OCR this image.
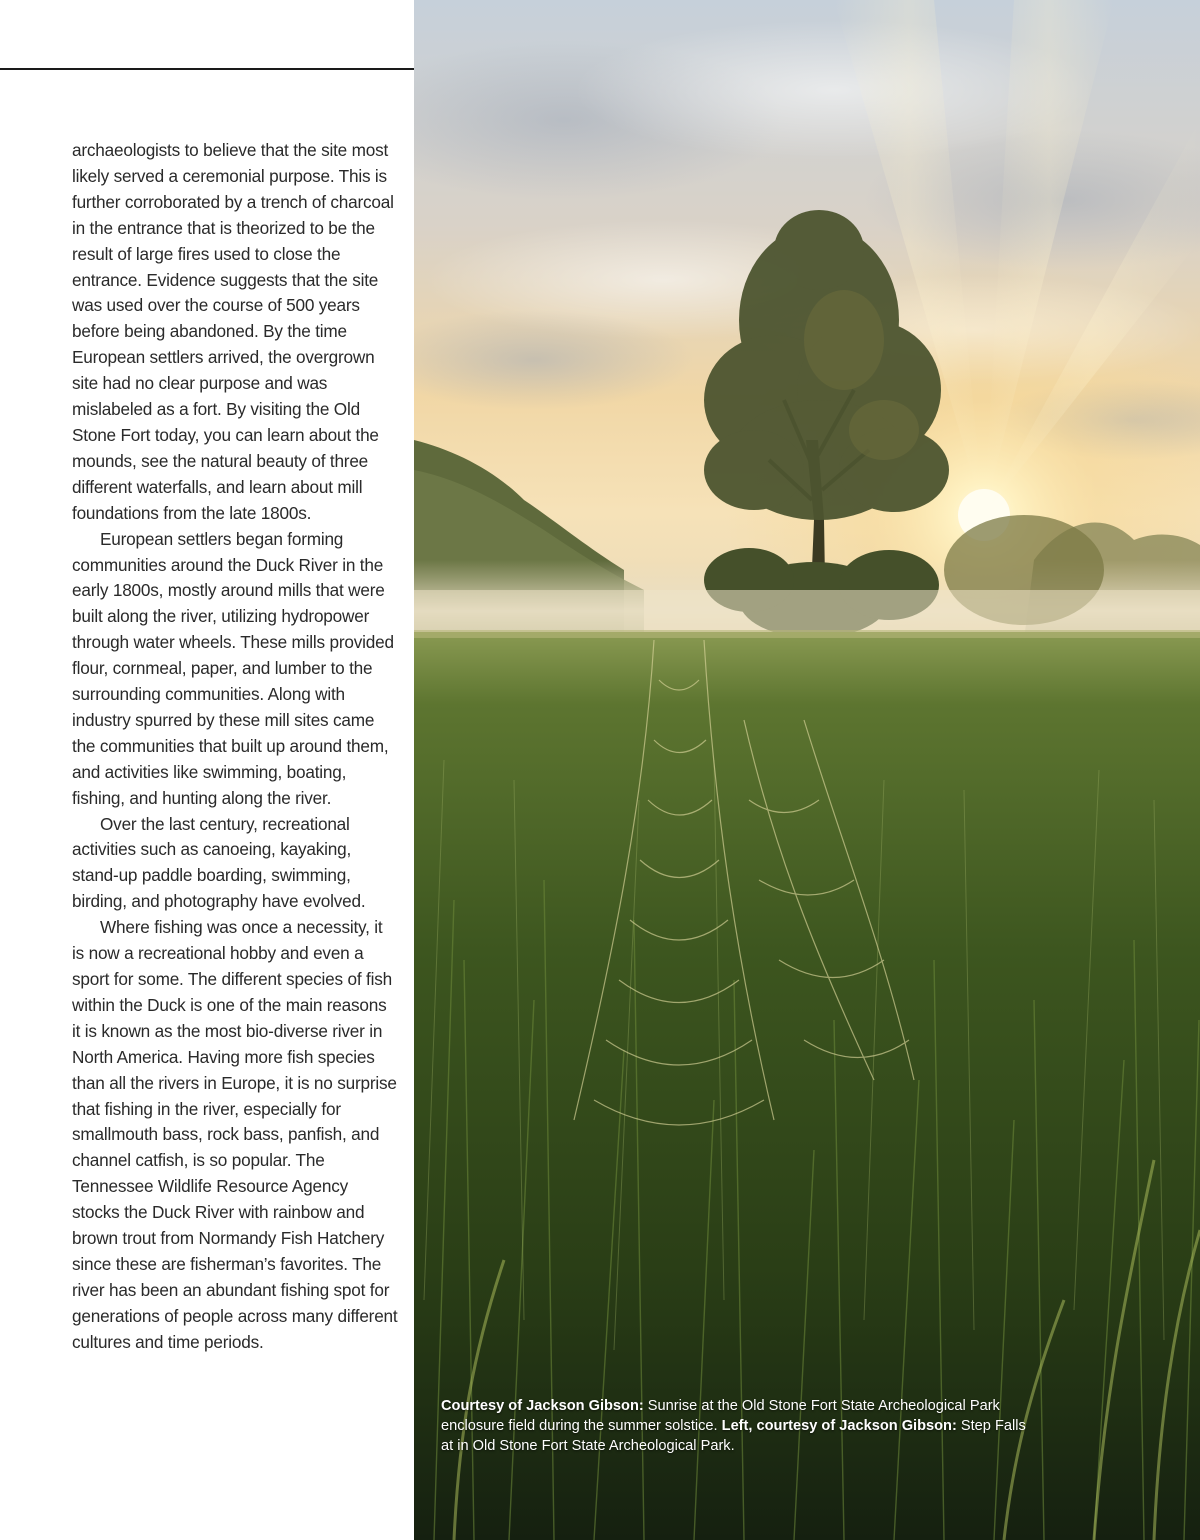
archaeologists to believe that the site most likely served a ceremonial purpose. This is further corroborated by a trench of charcoal in the entrance that is theorized to be the result of large fires used to close the entrance. Evidence suggests that the site was used over the course of 500 years before being abandoned. By the time European settlers arrived, the overgrown site had no clear purpose and was mislabeled as a fort. By visiting the Old Stone Fort today, you can learn about the mounds, see the natural beauty of three different waterfalls, and learn about mill foundations from the late 1800s.

European settlers began forming communities around the Duck River in the early 1800s, mostly around mills that were built along the river, utilizing hydropower through water wheels. These mills provided flour, cornmeal, paper, and lumber to the surrounding communities. Along with industry spurred by these mill sites came the communities that built up around them, and activities like swimming, boating, fishing, and hunting along the river.

Over the last century, recreational activities such as canoeing, kayaking, stand-up paddle boarding, swimming, birding, and photography have evolved.

Where fishing was once a necessity, it is now a recreational hobby and even a sport for some. The different species of fish within the Duck is one of the main reasons it is known as the most bio-diverse river in North America. Having more fish species than all the rivers in Europe, it is no surprise that fishing in the river, especially for smallmouth bass, rock bass, panfish, and channel catfish, is so popular. The Tennessee Wildlife Resource Agency stocks the Duck River with rainbow and brown trout from Normandy Fish Hatchery since these are fisherman’s favorites. The river has been an abundant fishing spot for generations of people across many different cultures and time periods.

Courtesy of Jackson Gibson: Sunrise at the Old Stone Fort State Archeological Park enclosure field during the summer solstice. Left, courtesy of Jackson Gibson: Step Falls at in Old Stone Fort State Archeological Park.
